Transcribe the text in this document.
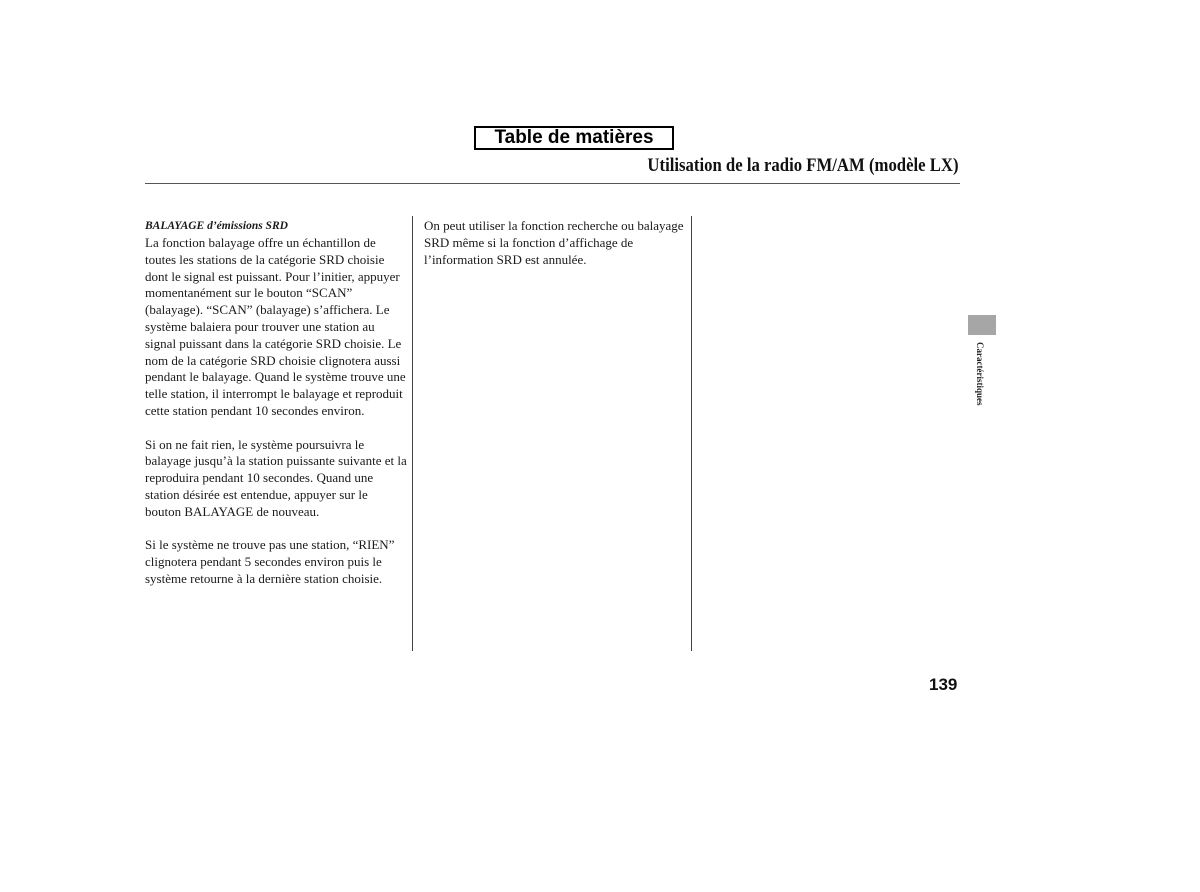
Table de matières
Utilisation de la radio FM/AM (modèle LX)
BALAYAGE d’émissions SRD

La fonction balayage offre un échantillon de toutes les stations de la catégorie SRD choisie dont le signal est puissant. Pour l’initier, appuyer momentanément sur le bouton “SCAN” (balayage). “SCAN” (balayage) s’affichera. Le système balaiera pour trouver une station au signal puissant dans la catégorie SRD choisie. Le nom de la catégorie SRD choisie clignotera aussi pendant le balayage. Quand le système trouve une telle station, il interrompt le balayage et reproduit cette station pendant 10 secondes environ.

Si on ne fait rien, le système poursuivra le balayage jusqu’à la station puissante suivante et la reproduira pendant 10 secondes. Quand une station désirée est entendue, appuyer sur le bouton BALAYAGE de nouveau.

Si le système ne trouve pas une station, “RIEN” clignotera pendant 5 secondes environ puis le système retourne à la dernière station choisie.

On peut utiliser la fonction recherche ou balayage SRD même si la fonction d’affichage de l’information SRD est annulée.

Caractéristiques
139
